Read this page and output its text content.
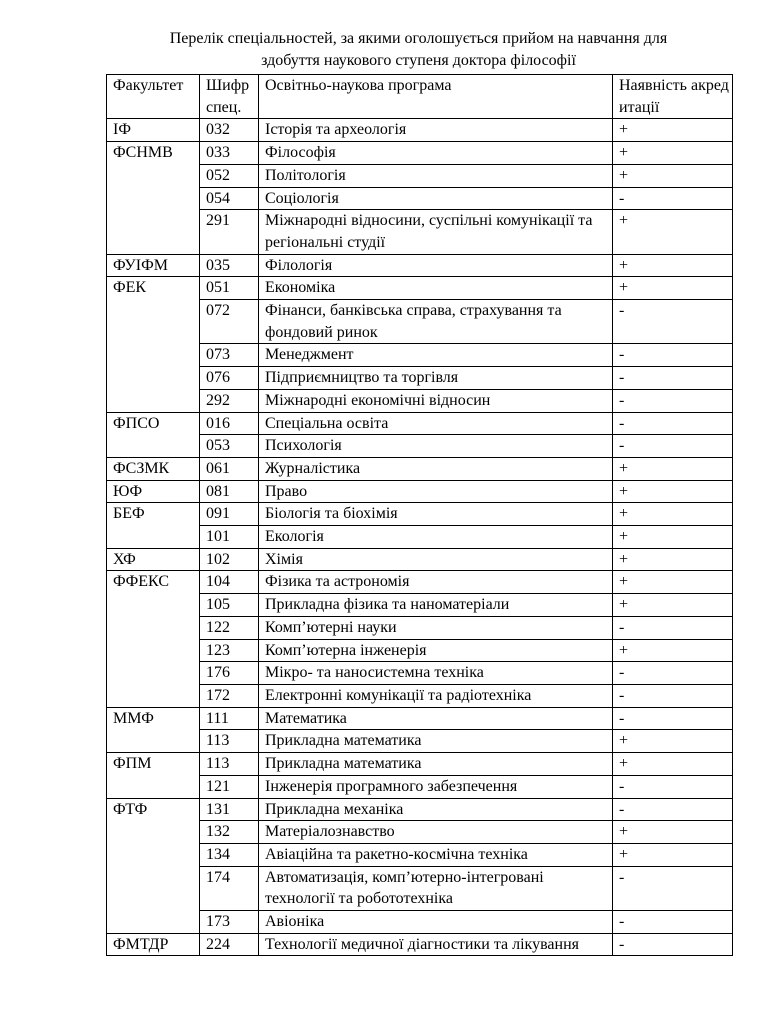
Перелік спеціальностей, за якими оголошується прийом на навчання для
здобуття наукового ступеня доктора філософії
Факультет	Шифр спец.	Освітньо-наукова програма	Наявність акредитації
ІФ	032	Історія та археологія	+
ФСНМВ	033	Філософія	+
	052	Політологія	+
	054	Соціологія	-
	291	Міжнародні відносини, суспільні комунікації та регіональні студії	+
ФУІФМ	035	Філологія	+
ФЕК	051	Економіка	+
	072	Фінанси, банківська справа, страхування та фондовий ринок	-
	073	Менеджмент	-
	076	Підприємництво та торгівля	-
	292	Міжнародні економічні відносин	-
ФПСО	016	Спеціальна освіта	-
	053	Психологія	-
ФСЗМК	061	Журналістика	+
ЮФ	081	Право	+
БЕФ	091	Біологія та біохімія	+
	101	Екологія	+
ХФ	102	Хімія	+
ФФЕКС	104	Фізика та астрономія	+
	105	Прикладна фізика та наноматеріали	+
	122	Комп’ютерні науки	-
	123	Комп’ютерна інженерія	+
	176	Мікро- та наносистемна техніка	-
	172	Електронні комунікації та радіотехніка	-
ММФ	111	Математика	-
	113	Прикладна математика	+
ФПМ	113	Прикладна математика	+
	121	Інженерія програмного забезпечення	-
ФТФ	131	Прикладна механіка	-
	132	Матеріалознавство	+
	134	Авіаційна та ракетно-космічна техніка	+
	174	Автоматизація, комп’ютерно-інтегровані технології та робототехніка	-
	173	Авіоніка	-
ФМТДР	224	Технології медичної діагностики та лікування	-
